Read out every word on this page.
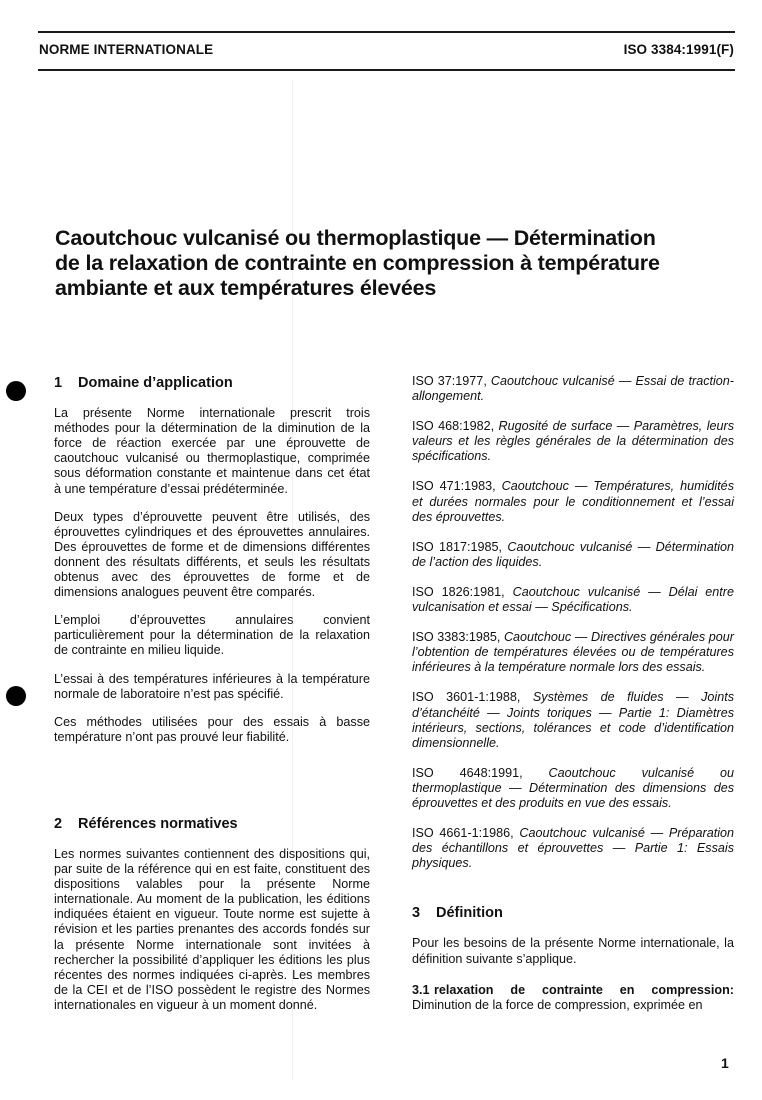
NORME INTERNATIONALE	ISO 3384:1991(F)
Caoutchouc vulcanisé ou thermoplastique — Détermination
de la relaxation de contrainte en compression à température
ambiante et aux températures élevées
1 Domaine d’application

La présente Norme internationale prescrit trois méthodes pour la détermination de la diminution de la force de réaction exercée par une éprouvette de caoutchouc vulcanisé ou thermoplastique, comprimée sous déformation constante et maintenue dans cet état à une température d’essai prédéterminée.

Deux types d’éprouvette peuvent être utilisés, des éprouvettes cylindriques et des éprouvettes annulaires. Des éprouvettes de forme et de dimensions différentes donnent des résultats différents, et seuls les résultats obtenus avec des éprouvettes de forme et de dimensions analogues peuvent être comparés.

L’emploi d’éprouvettes annulaires convient particulièrement pour la détermination de la relaxation de contrainte en milieu liquide.

L’essai à des températures inférieures à la température normale de laboratoire n’est pas spécifié.

Ces méthodes utilisées pour des essais à basse température n’ont pas prouvé leur fiabilité.

2 Références normatives

Les normes suivantes contiennent des dispositions qui, par suite de la référence qui en est faite, constituent des dispositions valables pour la présente Norme internationale. Au moment de la publication, les éditions indiquées étaient en vigueur. Toute norme est sujette à révision et les parties prenantes des accords fondés sur la présente Norme internationale sont invitées à rechercher la possibilité d’appliquer les éditions les plus récentes des normes indiquées ci-après. Les membres de la CEI et de l’ISO possèdent le registre des Normes internationales en vigueur à un moment donné.

ISO 37:1977, Caoutchouc vulcanisé — Essai de traction-allongement.
ISO 468:1982, Rugosité de surface — Paramètres, leurs valeurs et les règles générales de la détermination des spécifications.
ISO 471:1983, Caoutchouc — Températures, humidités et durées normales pour le conditionnement et l’essai des éprouvettes.
ISO 1817:1985, Caoutchouc vulcanisé — Détermination de l’action des liquides.
ISO 1826:1981, Caoutchouc vulcanisé — Délai entre vulcanisation et essai — Spécifications.
ISO 3383:1985, Caoutchouc — Directives générales pour l’obtention de températures élevées ou de températures inférieures à la température normale lors des essais.
ISO 3601-1:1988, Systèmes de fluides — Joints d’étanchéité — Joints toriques — Partie 1: Diamètres intérieurs, sections, tolérances et code d’identification dimensionnelle.
ISO 4648:1991, Caoutchouc vulcanisé ou thermoplastique — Détermination des dimensions des éprouvettes et des produits en vue des essais.
ISO 4661-1:1986, Caoutchouc vulcanisé — Préparation des échantillons et éprouvettes — Partie 1: Essais physiques.
3 Définition

Pour les besoins de la présente Norme internationale, la définition suivante s’applique.

3.1 relaxation de contrainte en compression: Diminution de la force de compression, exprimée en

1
